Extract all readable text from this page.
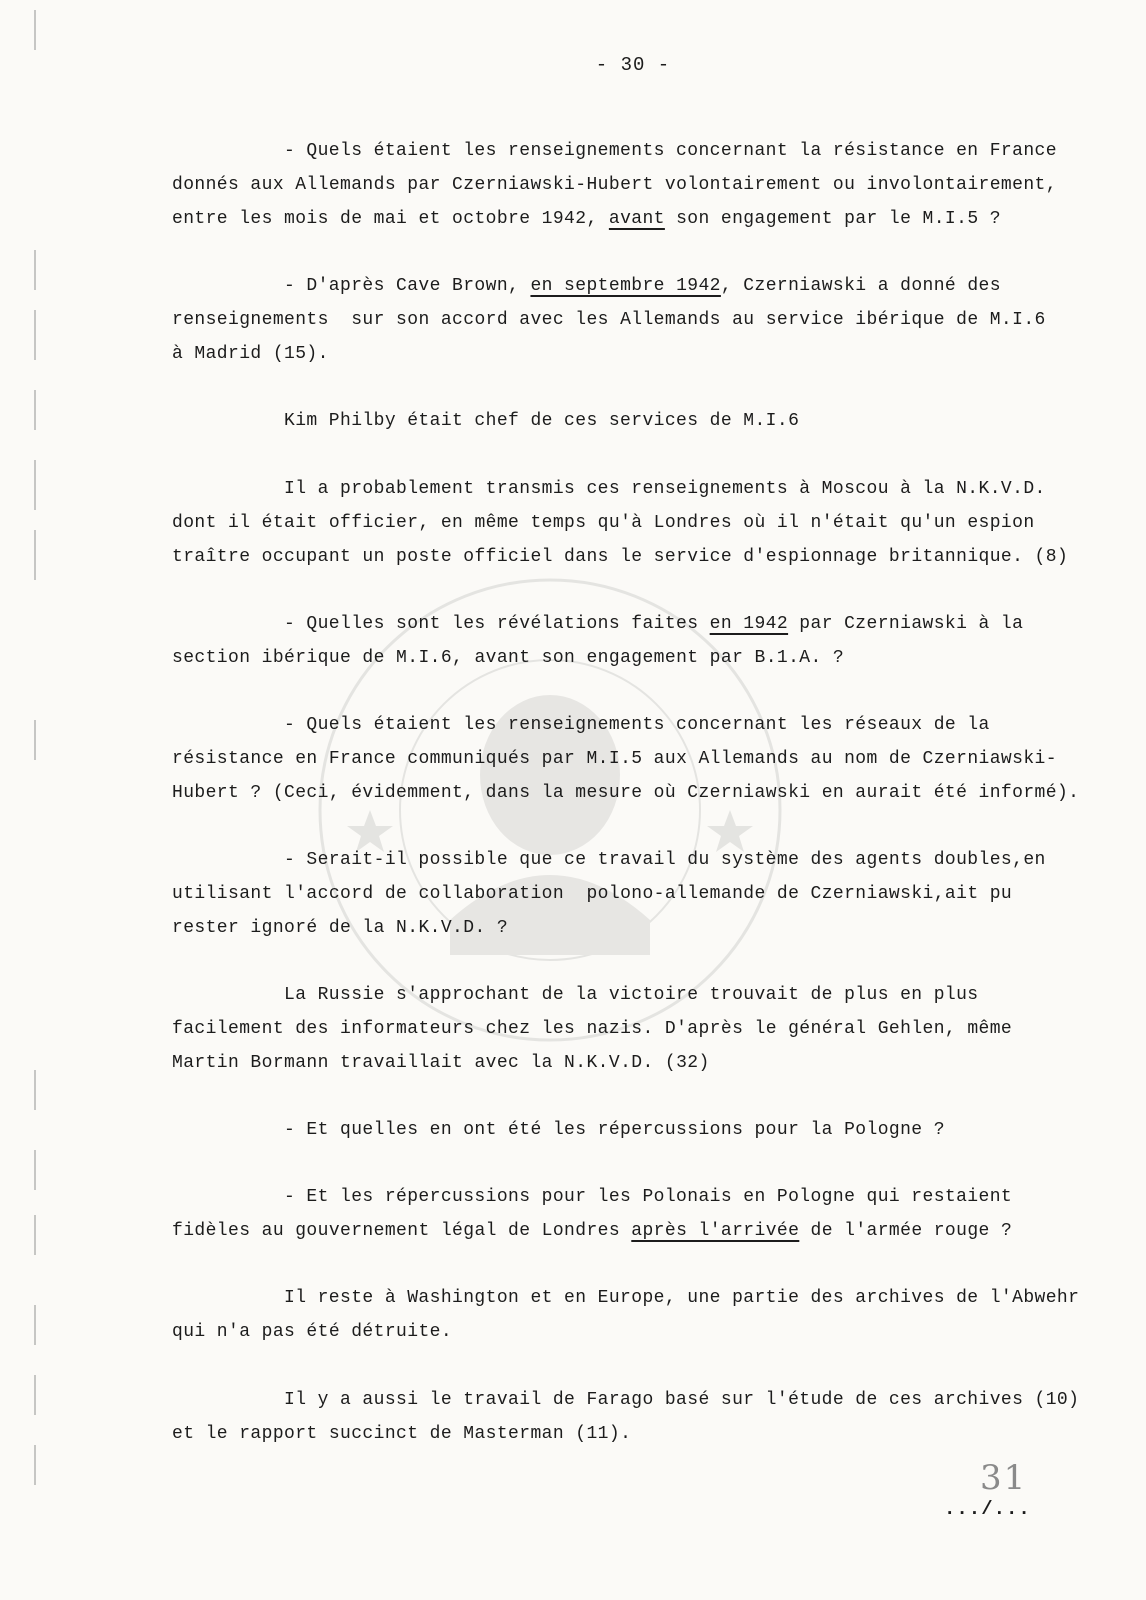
- 30 -
- Quels étaient les renseignements concernant la résistance en France
donnés aux Allemands par Czerniawski-Hubert volontairement ou involontairement,
entre les mois de mai et octobre 1942, avant son engagement par le M.I.5 ?
- D'après Cave Brown, en septembre 1942, Czerniawski a donné des
renseignements  sur son accord avec les Allemands au service ibérique de M.I.6
à Madrid (15).
Kim Philby était chef de ces services de M.I.6
Il a probablement transmis ces renseignements à Moscou à la N.K.V.D.
dont il était officier, en même temps qu'à Londres où il n'était qu'un espion
traître occupant un poste officiel dans le service d'espionnage britannique. (8)
- Quelles sont les révélations faites en 1942 par Czerniawski à la
section ibérique de M.I.6, avant son engagement par B.1.A. ?
- Quels étaient les renseignements concernant les réseaux de la
résistance en France communiqués par M.I.5 aux Allemands au nom de Czerniawski-
Hubert ? (Ceci, évidemment, dans la mesure où Czerniawski en aurait été informé).
- Serait-il possible que ce travail du système des agents doubles,en
utilisant l'accord de collaboration  polono-allemande de Czerniawski,ait pu
rester ignoré de la N.K.V.D. ?
La Russie s'approchant de la victoire trouvait de plus en plus
facilement des informateurs chez les nazis. D'après le général Gehlen, même
Martin Bormann travaillait avec la N.K.V.D. (32)
- Et quelles en ont été les répercussions pour la Pologne ?
- Et les répercussions pour les Polonais en Pologne qui restaient
fidèles au gouvernement légal de Londres après l'arrivée de l'armée rouge ?
Il reste à Washington et en Europe, une partie des archives de l'Abwehr
qui n'a pas été détruite.
Il y a aussi le travail de Farago basé sur l'étude de ces archives (10)
et le rapport succinct de Masterman (11).
31
.../...
